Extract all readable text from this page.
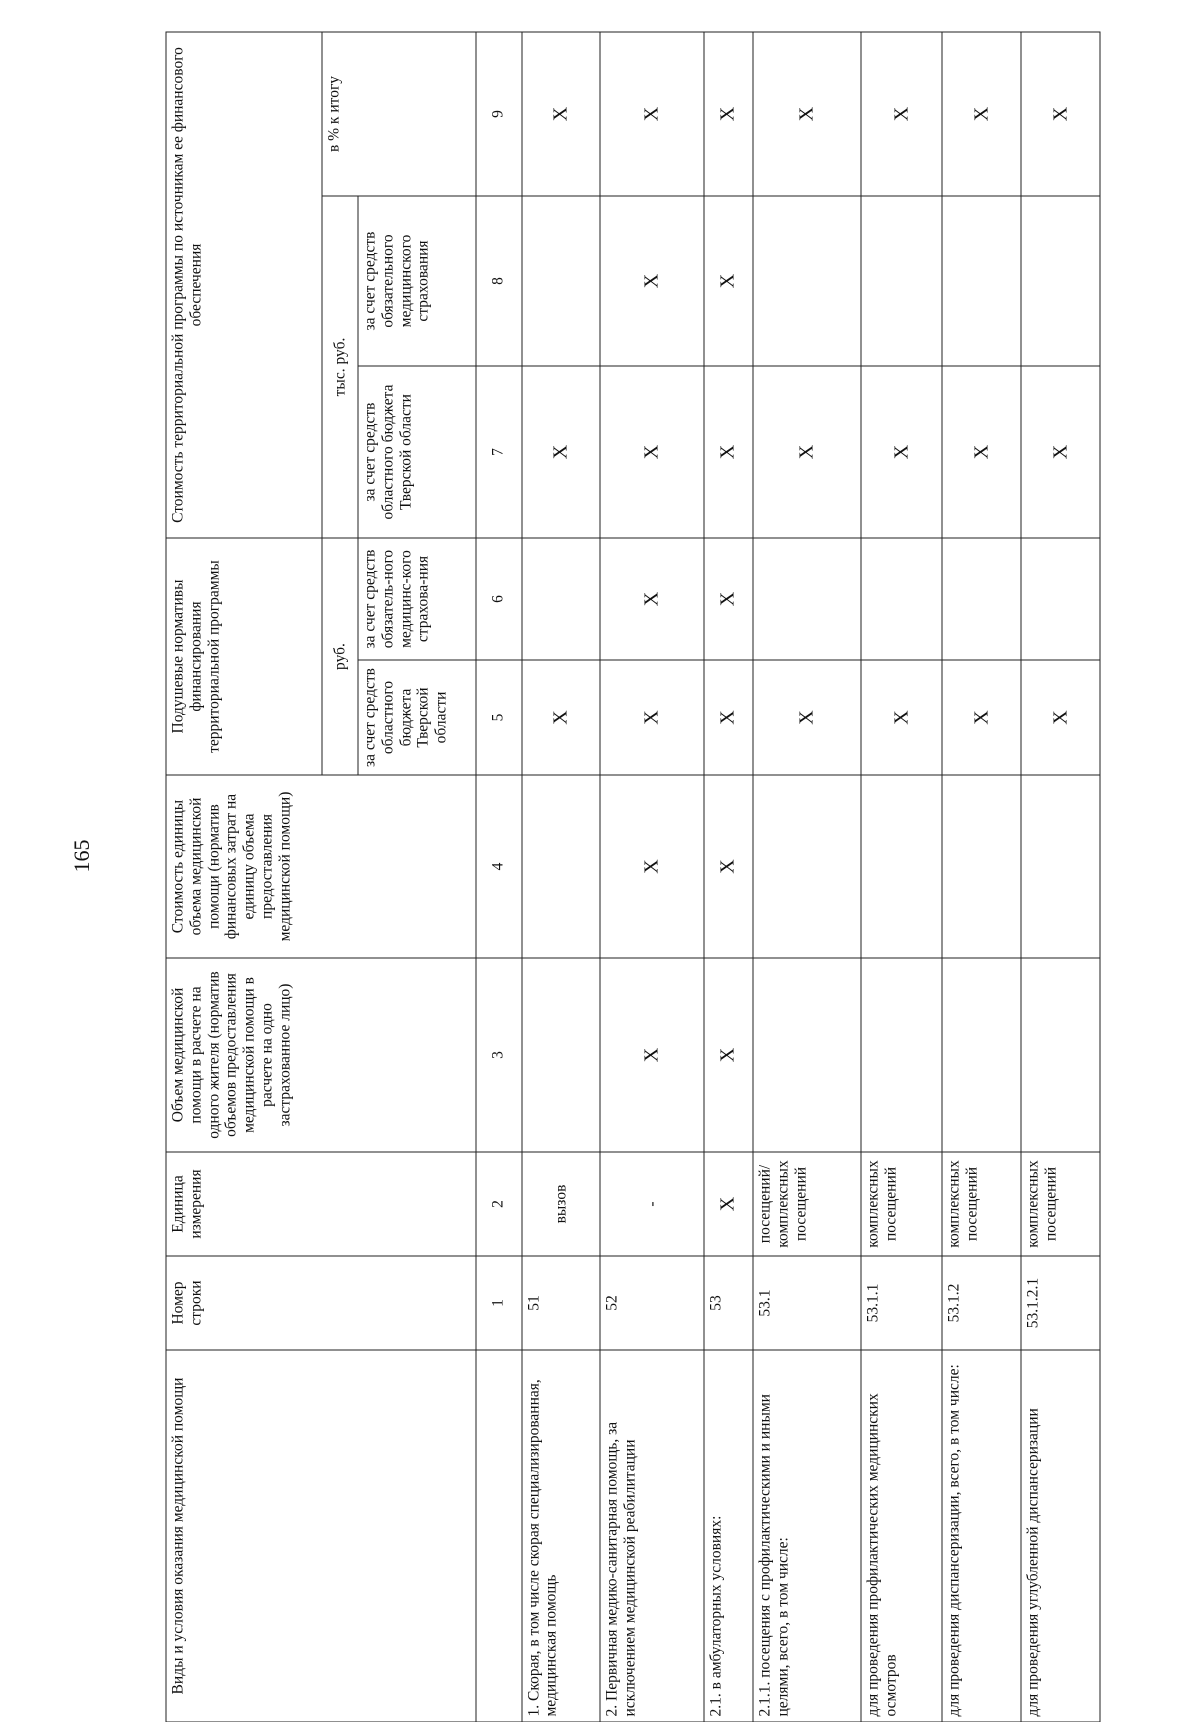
165
Виды и условия оказания медицинской помощи	Номер строки	Единица измерения	Объем медицинской помощи в расчете на одного жителя (норматив объемов предоставления медицинской помощи в расчете на одно застрахованное лицо)	Стоимость единицы объема медицинской помощи (норматив финансовых затрат на единицу объема предоставления медицинской помощи)	Подушевые нормативы финансирования территориальной программы		Стоимость территориальной программы по источникам ее финансового обеспечения		
					руб.		тыс. руб.		в % к итогу
					за счет средств областного бюджета Тверской области	за счет средств обязатель-ного медицинс-кого страхова-ния	за счет средств областного бюджета Тверской области	за счет средств обязательного медицинского страхования	
	1	2	3	4	5	6	7	8	9
1. Скорая, в том числе скорая специализированная, медицинская помощь	51	вызов			Х		Х		Х
2. Первичная медико-санитарная помощь, за исключением медицинской реабилитации	52	-	Х	Х	Х	Х	Х	Х	Х
2.1. в амбулаторных условиях:	53	Х	Х	Х	Х	Х	Х	Х	Х
2.1.1. посещения с профилактическими и иными целями, всего, в том числе:	53.1	посещений/ комплексных посещений			Х		Х		Х
для проведения профилактических медицинских осмотров	53.1.1	комплексных посещений			Х		Х		Х
для проведения диспансеризации, всего, в том числе:	53.1.2	комплексных посещений			Х		Х		Х
для проведения углубленной диспансеризации	53.1.2.1	комплексных посещений			Х		Х		Х
